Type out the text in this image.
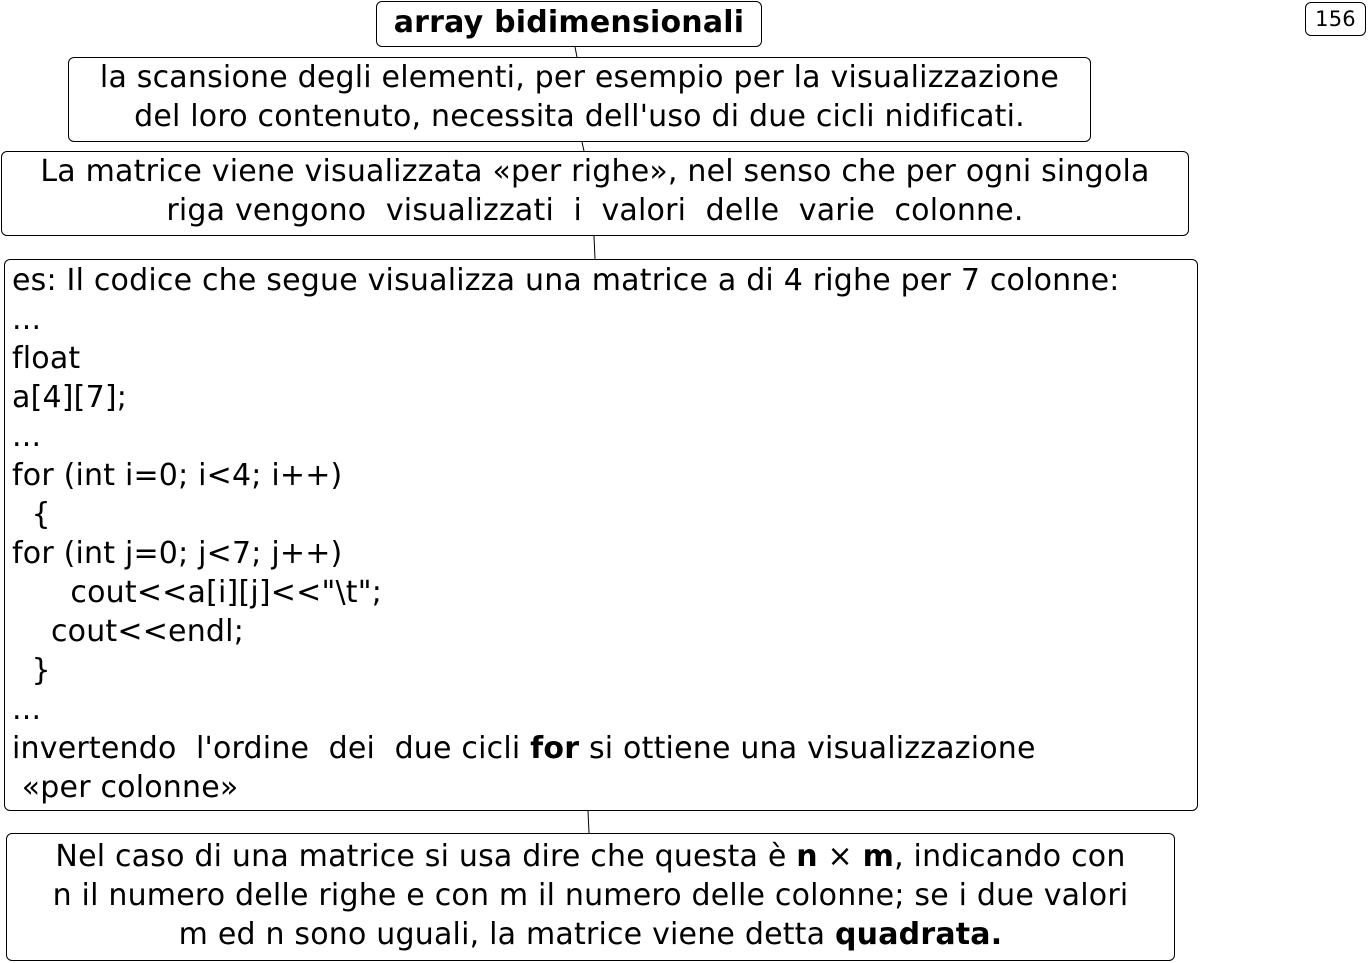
array bidimensionali	156
la scansione degli elementi, per esempio per la visualizzazione
del loro contenuto, necessita dell'uso di due cicli nidificati.
La matrice viene visualizzata «per righe», nel senso che per ogni singola
riga vengono  visualizzati  i  valori  delle  varie  colonne.
es: Il codice che segue visualizza una matrice a di 4 righe per 7 colonne:
...
float
a[4][7];
...
for (int i=0; i<4; i++)
{
for (int j=0; j<7; j++)
cout<<a[i][j]<<"\t";
cout<<endl;
}
...
invertendo  l'ordine  dei  due cicli for si ottiene una visualizzazione
«per colonne»
Nel caso di una matrice si usa dire che questa è n × m, indicando con
n il numero delle righe e con m il numero delle colonne; se i due valori
m ed n sono uguali, la matrice viene detta quadrata.
